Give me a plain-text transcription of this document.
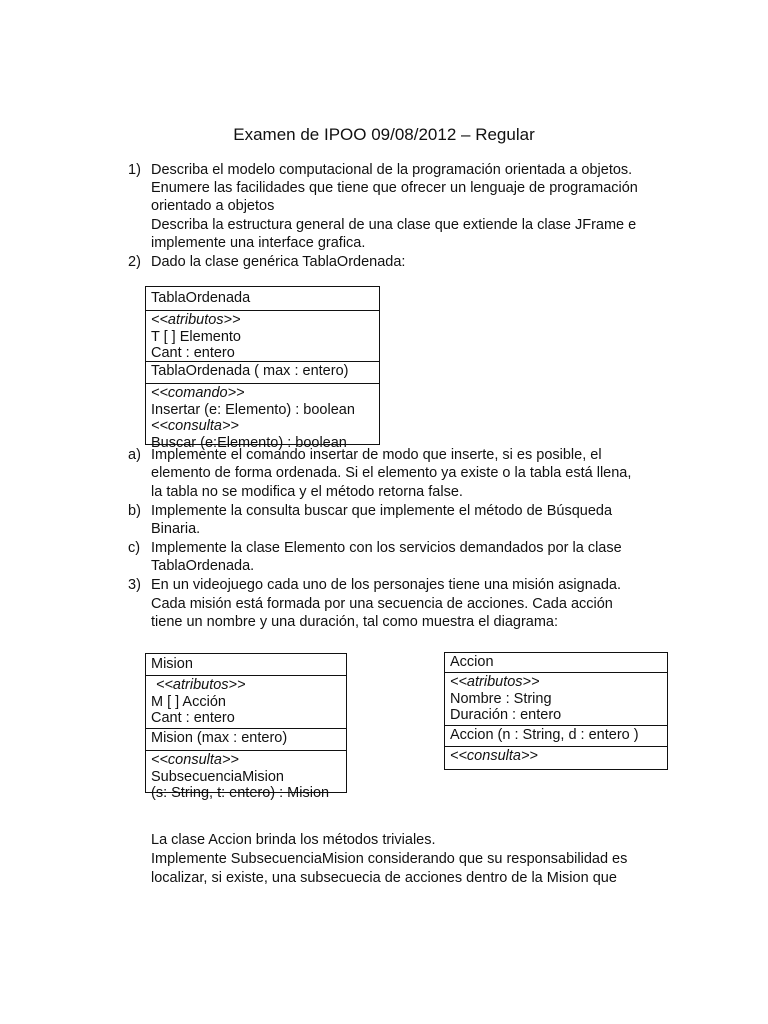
Examen de IPOO 09/08/2012 – Regular
1) Describa el modelo computacional de la programación orientada a objetos.
Enumere las facilidades que tiene que ofrecer un lenguaje de programación
orientado a objetos
Describa la estructura general de una clase que extiende la clase JFrame e
implemente una interface grafica.
2) Dado la clase genérica TablaOrdenada:
TablaOrdenada
<<atributos>>
T [ ] Elemento
Cant : entero
TablaOrdenada ( max : entero)
<<comando>>
Insertar (e: Elemento) : boolean
<<consulta>>
Buscar (e:Elemento) : boolean
a) Implemente el comando insertar de modo que inserte, si es posible, el
elemento de forma ordenada. Si el elemento ya existe o la tabla está llena,
la tabla no se modifica y el método retorna false.
b) Implemente la consulta buscar que implemente el método de Búsqueda
Binaria.
c) Implemente la clase Elemento con los servicios demandados por la clase
TablaOrdenada.
3) En un videojuego cada uno de los personajes tiene una misión asignada.
Cada misión está formada por una secuencia de acciones. Cada acción
tiene un nombre y una duración, tal como muestra el diagrama:
Mision
<<atributos>>
M [ ] Acción
Cant : entero
Mision (max : entero)
<<consulta>>
SubsecuenciaMision
(s: String, t: entero) : Mision
Accion
<<atributos>>
Nombre : String
Duración : entero
Accion (n : String, d : entero )
<<consulta>>
La clase Accion brinda los métodos triviales.
Implemente SubsecuenciaMision considerando que su responsabilidad es
localizar, si existe, una subsecuecia de acciones dentro de la Mision que
